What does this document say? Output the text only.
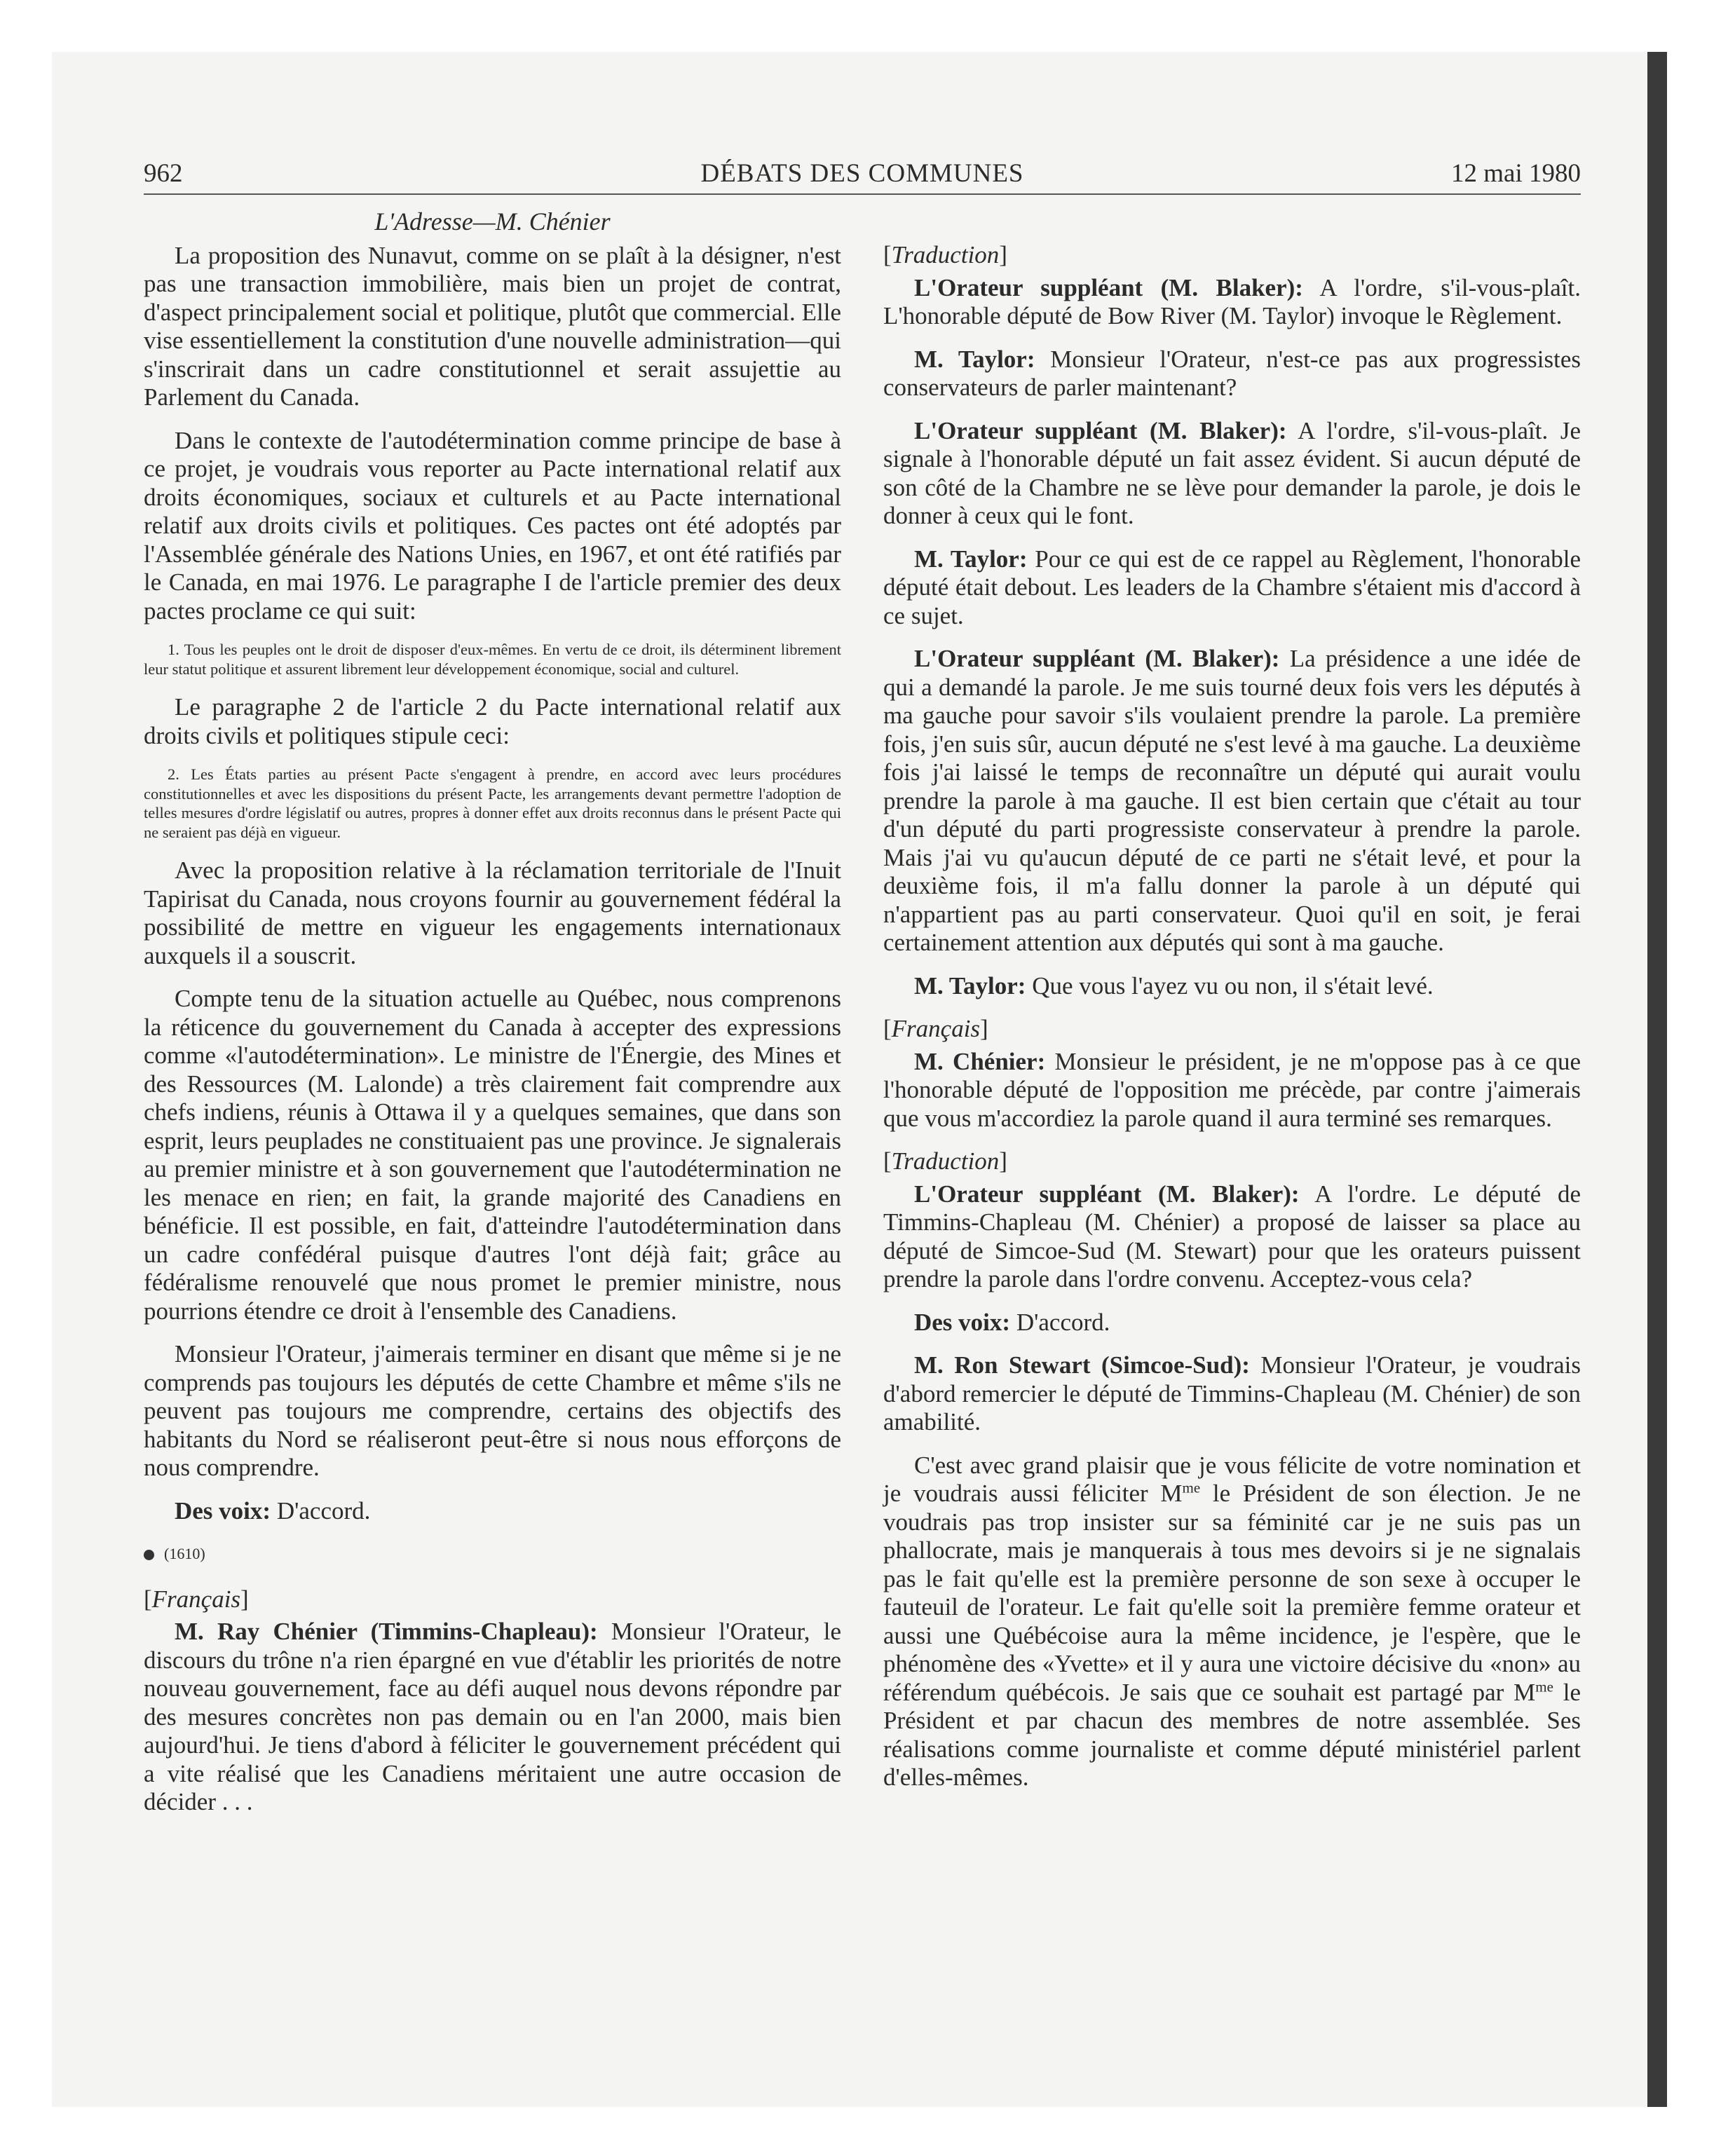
962	DÉBATS DES COMMUNES	12 mai 1980
L'Adresse—M. Chénier

La proposition des Nunavut, comme on se plaît à la désigner, n'est pas une transaction immobilière, mais bien un projet de contrat, d'aspect principalement social et politique, plutôt que commercial. Elle vise essentiellement la constitution d'une nouvelle administration—qui s'inscrirait dans un cadre constitutionnel et serait assujettie au Parlement du Canada.

Dans le contexte de l'autodétermination comme principe de base à ce projet, je voudrais vous reporter au Pacte international relatif aux droits économiques, sociaux et culturels et au Pacte international relatif aux droits civils et politiques. Ces pactes ont été adoptés par l'Assemblée générale des Nations Unies, en 1967, et ont été ratifiés par le Canada, en mai 1976. Le paragraphe I de l'article premier des deux pactes proclame ce qui suit:

1. Tous les peuples ont le droit de disposer d'eux-mêmes. En vertu de ce droit, ils déterminent librement leur statut politique et assurent librement leur développement économique, social and culturel.

Le paragraphe 2 de l'article 2 du Pacte international relatif aux droits civils et politiques stipule ceci:

2. Les États parties au présent Pacte s'engagent à prendre, en accord avec leurs procédures constitutionnelles et avec les dispositions du présent Pacte, les arrangements devant permettre l'adoption de telles mesures d'ordre législatif ou autres, propres à donner effet aux droits reconnus dans le présent Pacte qui ne seraient pas déjà en vigueur.

Avec la proposition relative à la réclamation territoriale de l'Inuit Tapirisat du Canada, nous croyons fournir au gouvernement fédéral la possibilité de mettre en vigueur les engagements internationaux auxquels il a souscrit.

Compte tenu de la situation actuelle au Québec, nous comprenons la réticence du gouvernement du Canada à accepter des expressions comme «l'autodétermination». Le ministre de l'Énergie, des Mines et des Ressources (M. Lalonde) a très clairement fait comprendre aux chefs indiens, réunis à Ottawa il y a quelques semaines, que dans son esprit, leurs peuplades ne constituaient pas une province. Je signalerais au premier ministre et à son gouvernement que l'autodétermination ne les menace en rien; en fait, la grande majorité des Canadiens en bénéficie. Il est possible, en fait, d'atteindre l'autodétermination dans un cadre confédéral puisque d'autres l'ont déjà fait; grâce au fédéralisme renouvelé que nous promet le premier ministre, nous pourrions étendre ce droit à l'ensemble des Canadiens.

Monsieur l'Orateur, j'aimerais terminer en disant que même si je ne comprends pas toujours les députés de cette Chambre et même s'ils ne peuvent pas toujours me comprendre, certains des objectifs des habitants du Nord se réaliseront peut-être si nous nous efforçons de nous comprendre.

Des voix: D'accord.

(1610)
[ Français ]

M. Ray Chénier (Timmins-Chapleau): Monsieur l'Orateur, le discours du trône n'a rien épargné en vue d'établir les priorités de notre nouveau gouvernement, face au défi auquel nous devons répondre par des mesures concrètes non pas demain ou en l'an 2000, mais bien aujourd'hui. Je tiens d'abord à féliciter le gouvernement précédent qui a vite réalisé que les Canadiens méritaient une autre occasion de décider . . .

[ Traduction ]

L'Orateur suppléant (M. Blaker): A l'ordre, s'il-vous-plaît. L'honorable député de Bow River (M. Taylor) invoque le Règlement.

M. Taylor: Monsieur l'Orateur, n'est-ce pas aux progressistes conservateurs de parler maintenant?

L'Orateur suppléant (M. Blaker): A l'ordre, s'il-vous-plaît. Je signale à l'honorable député un fait assez évident. Si aucun député de son côté de la Chambre ne se lève pour demander la parole, je dois le donner à ceux qui le font.

M. Taylor: Pour ce qui est de ce rappel au Règlement, l'honorable député était debout. Les leaders de la Chambre s'étaient mis d'accord à ce sujet.

L'Orateur suppléant (M. Blaker): La présidence a une idée de qui a demandé la parole. Je me suis tourné deux fois vers les députés à ma gauche pour savoir s'ils voulaient prendre la parole. La première fois, j'en suis sûr, aucun député ne s'est levé à ma gauche. La deuxième fois j'ai laissé le temps de reconnaître un député qui aurait voulu prendre la parole à ma gauche. Il est bien certain que c'était au tour d'un député du parti progressiste conservateur à prendre la parole. Mais j'ai vu qu'aucun député de ce parti ne s'était levé, et pour la deuxième fois, il m'a fallu donner la parole à un député qui n'appartient pas au parti conservateur. Quoi qu'il en soit, je ferai certainement attention aux députés qui sont à ma gauche.

M. Taylor: Que vous l'ayez vu ou non, il s'était levé.

[ Français ]

M. Chénier: Monsieur le président, je ne m'oppose pas à ce que l'honorable député de l'opposition me précède, par contre j'aimerais que vous m'accordiez la parole quand il aura terminé ses remarques.

[ Traduction ]

L'Orateur suppléant (M. Blaker): A l'ordre. Le député de Timmins-Chapleau (M. Chénier) a proposé de laisser sa place au député de Simcoe-Sud (M. Stewart) pour que les orateurs puissent prendre la parole dans l'ordre convenu. Acceptez-vous cela?

Des voix: D'accord.

M. Ron Stewart (Simcoe-Sud): Monsieur l'Orateur, je voudrais d'abord remercier le député de Timmins-Chapleau (M. Chénier) de son amabilité.

C'est avec grand plaisir que je vous félicite de votre nomination et je voudrais aussi féliciter $M^{me}$ le Président de son élection. Je ne voudrais pas trop insister sur sa féminité car je ne suis pas un phallocrate, mais je manquerais à tous mes devoirs si je ne signalais pas le fait qu'elle est la première personne de son sexe à occuper le fauteuil de l'orateur. Le fait qu'elle soit la première femme orateur et aussi une Québécoise aura la même incidence, je l'espère, que le phénomène des «Yvette» et il y aura une victoire décisive du «non» au référendum québécois. Je sais que ce souhait est partagé par $M^{me}$ le Président et par chacun des membres de notre assemblée. Ses réalisations comme journaliste et comme député ministériel parlent d'elles-mêmes.
